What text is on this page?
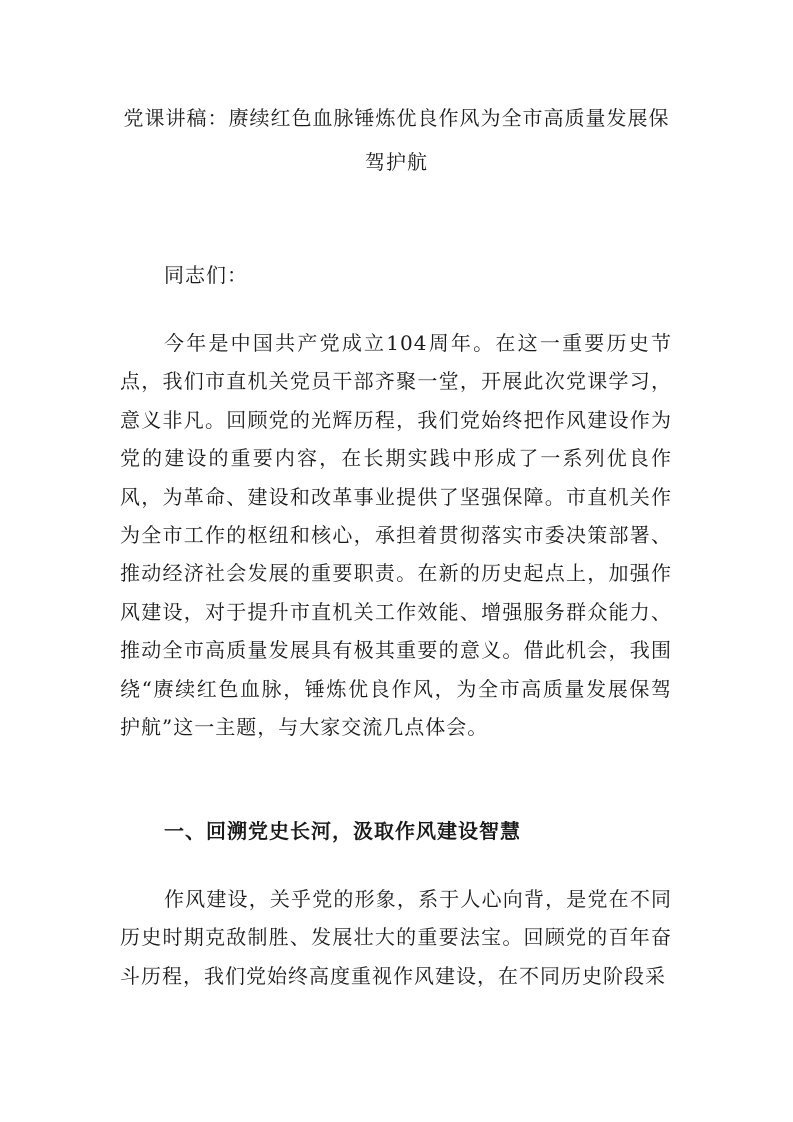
党课讲稿：赓续红色血脉锤炼优良作风为全市高质量发展保
驾护航
同志们：
今年是中国共产党成立104周年。在这一重要历史节点，我们市直机关党员干部齐聚一堂，开展此次党课学习，意义非凡。回顾党的光辉历程，我们党始终把作风建设作为党的建设的重要内容，在长期实践中形成了一系列优良作风，为革命、建设和改革事业提供了坚强保障。市直机关作为全市工作的枢纽和核心，承担着贯彻落实市委决策部署、推动经济社会发展的重要职责。在新的历史起点上，加强作风建设，对于提升市直机关工作效能、增强服务群众能力、推动全市高质量发展具有极其重要的意义。借此机会，我围绕“赓续红色血脉，锤炼优良作风，为全市高质量发展保驾护航”这一主题，与大家交流几点体会。
一、回溯党史长河，汲取作风建设智慧
作风建设，关乎党的形象，系于人心向背，是党在不同历史时期克敌制胜、发展壮大的重要法宝。回顾党的百年奋斗历程，我们党始终高度重视作风建设，在不同历史阶段采
